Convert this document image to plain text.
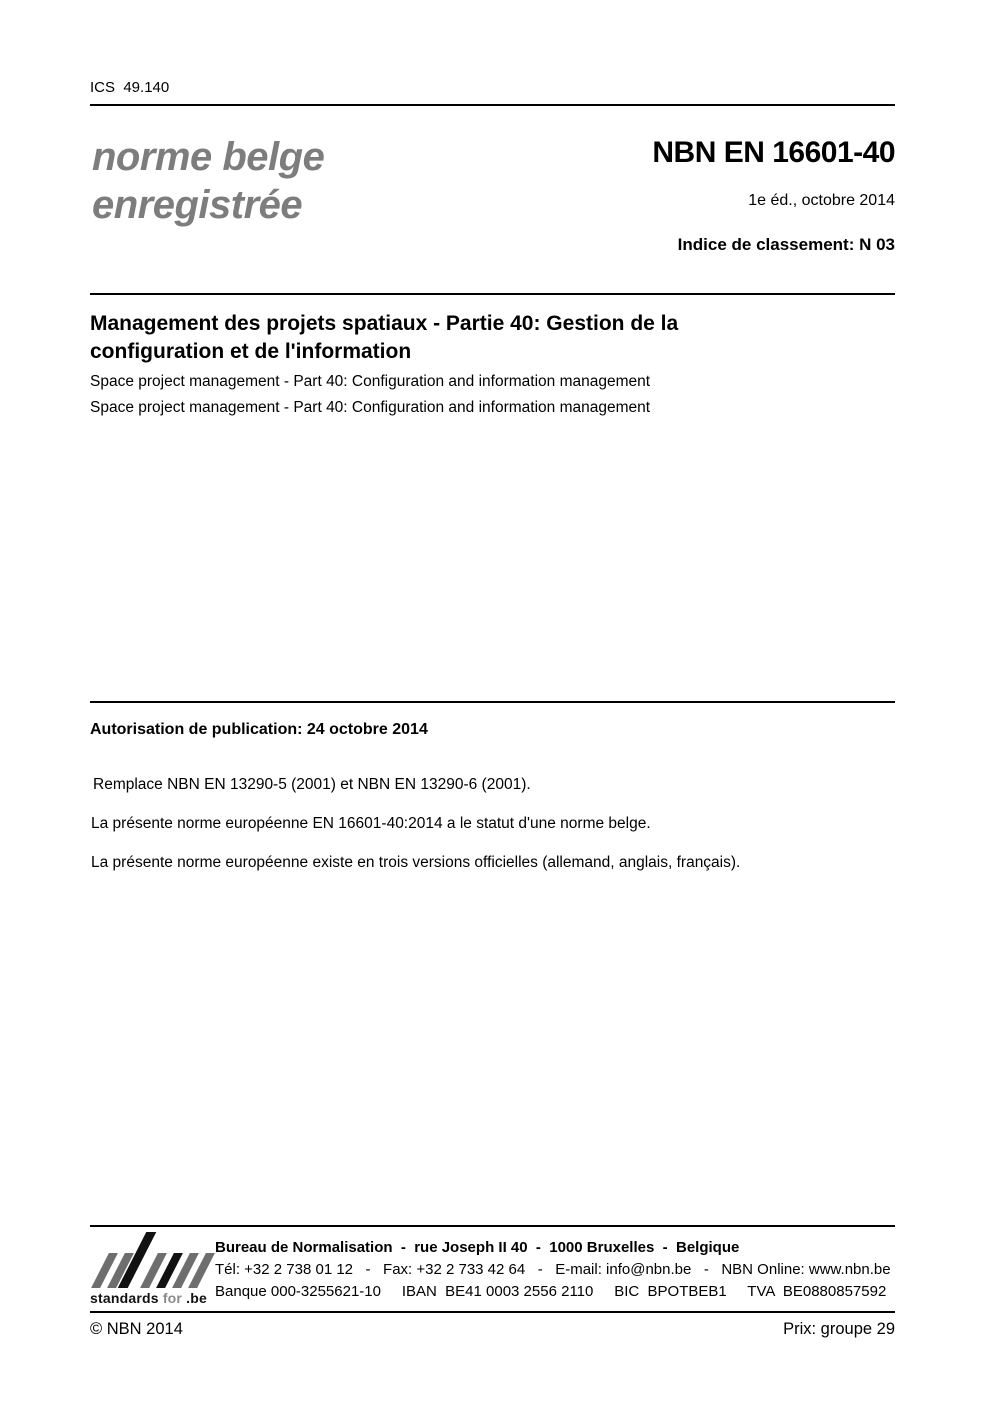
ICS  49.140
norme belge
enregistrée
NBN EN 16601-40
1e éd., octobre 2014
Indice de classement: N 03
Management des projets spatiaux - Partie 40: Gestion de la
configuration et de l'information
Space project management - Part 40: Configuration and information management
Space project management - Part 40: Configuration and information management
Autorisation de publication: 24 octobre 2014
Remplace NBN EN 13290-5 (2001) et NBN EN 13290-6 (2001).
La présente norme européenne EN 16601-40:2014 a le statut d'une norme belge.
La présente norme européenne existe en trois versions officielles (allemand, anglais, français).
standards for .be
Bureau de Normalisation  -  rue Joseph II 40  -  1000 Bruxelles  -  Belgique
Tél: +32 2 738 01 12   -   Fax: +32 2 733 42 64   -   E-mail: info@nbn.be   -   NBN Online: www.nbn.be
Banque 000-3255621-10     IBAN  BE41 0003 2556 2110     BIC  BPOTBEB1     TVA  BE0880857592
© NBN 2014	Prix: groupe 29
